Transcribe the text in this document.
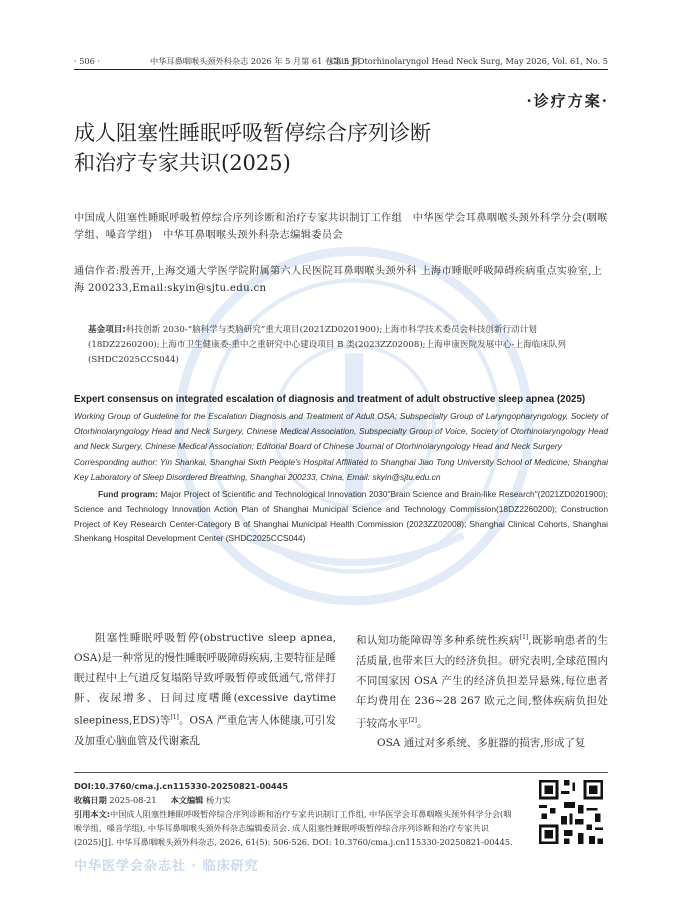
· 506 ·	中华耳鼻咽喉头颈外科杂志 2026 年 5 月第 61 卷第 5 期
Chin J Otorhinolaryngol Head Neck Surg, May 2026, Vol. 61, No. 5
·诊疗方案·
成人阻塞性睡眠呼吸暂停综合序列诊断
和治疗专家共识(2025)
中国成人阻塞性睡眠呼吸暂停综合序列诊断和治疗专家共识制订工作组　中华医学会耳鼻咽喉头颈外科学分会(咽喉学组、嗓音学组)　中华耳鼻咽喉头颈外科杂志编辑委员会
通信作者:殷善开,上海交通大学医学院附属第六人民医院耳鼻咽喉头颈外科 上海市睡眠呼吸障碍疾病重点实验室,上海 200233,Email:skyin@sjtu.edu.cn
基金项目:科技创新 2030-“脑科学与类脑研究”重大项目(2021ZD0201900);上海市科学技术委员会科技创新行动计划(18DZ2260200);上海市卫生健康委-重中之重研究中心建设项目 B 类(2023ZZ02008);上海申康医院发展中心-上海临床队列(SHDC2025CCS044)
Expert consensus on integrated escalation of diagnosis and treatment of adult obstructive sleep apnea (2025)
Working Group of Guideline for the Escalation Diagnosis and Treatment of Adult OSA; Subspecialty Group of Laryngopharyngology, Society of Otorhinolaryngology Head and Neck Surgery, Chinese Medical Association, Subspecialty Group of Voice, Society of Otorhinolaryngology Head and Neck Surgery, Chinese Medical Association; Editorial Board of Chinese Journal of Otorhinolaryngology Head and Neck Surgery
Corresponding author: Yin Shankai, Shanghai Sixth People's Hospital Affiliated to Shanghai Jiao Tong University School of Medicine; Shanghai Key Laboratory of Sleep Disordered Breathing, Shanghai 200233, China, Email: skyin@sjtu.edu.cn
Fund program: Major Project of Scientific and Technological Innovation 2030"Brain Science and Brain-like Research"(2021ZD0201900); Science and Technology Innovation Action Plan of Shanghai Municipal Science and Technology Commission(18DZ2260200); Construction Project of Key Research Center-Category B of Shanghai Municipal Health Commission (2023ZZ02008); Shanghai Clinical Cohorts, Shanghai Shenkang Hospital Development Center (SHDC2025CCS044)

阻塞性睡眠呼吸暂停(obstructive sleep apnea, OSA)是一种常见的慢性睡眠呼吸障碍疾病,主要特征是睡眠过程中上气道反复塌陷导致呼吸暂停或低通气,常伴打鼾、夜尿增多、日间过度嗜睡(excessive daytime sleepiness,EDS)等[1]。OSA 严重危害人体健康,可引发及加重心脑血管及代谢紊乱

和认知功能障碍等多种系统性疾病[1],既影响患者的生活质量,也带来巨大的经济负担。研究表明,全球范围内不同国家因 OSA 产生的经济负担差异悬殊,每位患者年均费用在 236~28 267 欧元之间,整体疾病负担处于较高水平[2]。

OSA 通过对多系统、多脏器的损害,形成了复

DOI:10.3760/cma.j.cn115330-20250821-00445
收稿日期 2025-08-21 本文编辑 杨力实
引用本文:中国成人阻塞性睡眠呼吸暂停综合序列诊断和治疗专家共识制订工作组, 中华医学会耳鼻咽喉头颈外科学分会(咽喉学组、嗓音学组), 中华耳鼻咽喉头颈外科杂志编辑委员会. 成人阻塞性睡眠呼吸暂停综合序列诊断和治疗专家共识(2025)[J]. 中华耳鼻咽喉头颈外科杂志, 2026, 61(5): 506-526. DOI: 10.3760/cma.j.cn115330-20250821-00445.
中华医学会杂志社 · 临床研究
